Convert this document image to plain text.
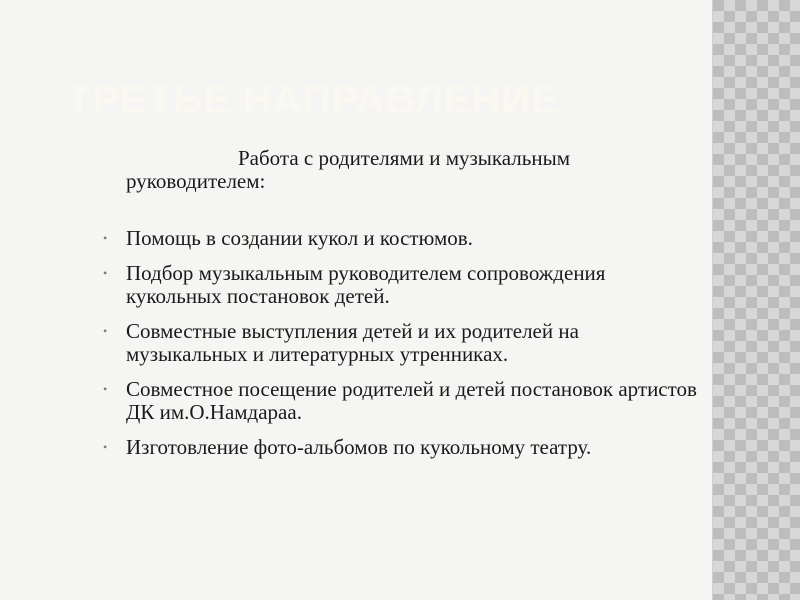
ТРЕТЬЕ НАПРАВЛЕНИЕ
Работа с родителями и музыкальным руководителем:
• Помощь в создании кукол и костюмов.
• Подбор музыкальным руководителем сопровождения кукольных постановок детей.
• Совместные выступления детей и их родителей на музыкальных и литературных утренниках.
• Совместное посещение родителей и детей постановок артистов ДК им.О.Намдараа.
• Изготовление фото-альбомов по кукольному театру.
